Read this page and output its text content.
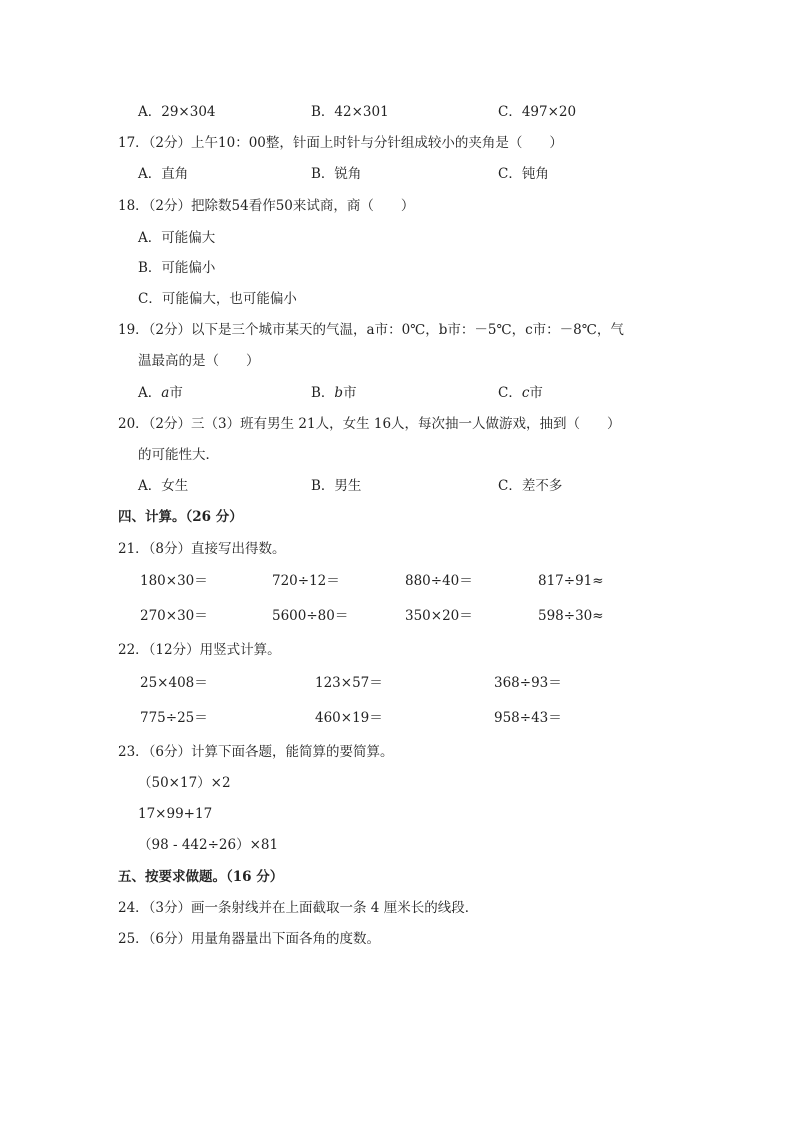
A．29×304	B．42×301	C．497×20
17．（2分）上午10：00整，针面上时针与分针组成较小的夹角是（　　）
A．直角	B．锐角	C．钝角
18．（2分）把除数54看作50来试商，商（　　）
A．可能偏大
B．可能偏小
C．可能偏大，也可能偏小
19．（2分）以下是三个城市某天的气温，a市：0℃，b市：－5℃，c市：－8℃，气
温最高的是（　　）
A．a市	B．b市	C．c市
20．（2分）三（3）班有男生 21人，女生 16人，每次抽一人做游戏，抽到（　　）
的可能性大．
A．女生	B．男生	C．差不多
四、计算。（26 分）
21．（8分）直接写出得数。
180×30＝	720÷12＝	880÷40＝	817÷91≈
270×30＝	5600÷80＝	350×20＝	598÷30≈
22．（12分）用竖式计算。
25×408＝	123×57＝	368÷93＝
775÷25＝	460×19＝	958÷43＝
23．（6分）计算下面各题，能简算的要简算。
（50×17）×2
17×99+17
（98 - 442÷26）×81
五、按要求做题。（16 分）
24．（3分）画一条射线并在上面截取一条 4 厘米长的线段．
25．（6分）用量角器量出下面各角的度数。
